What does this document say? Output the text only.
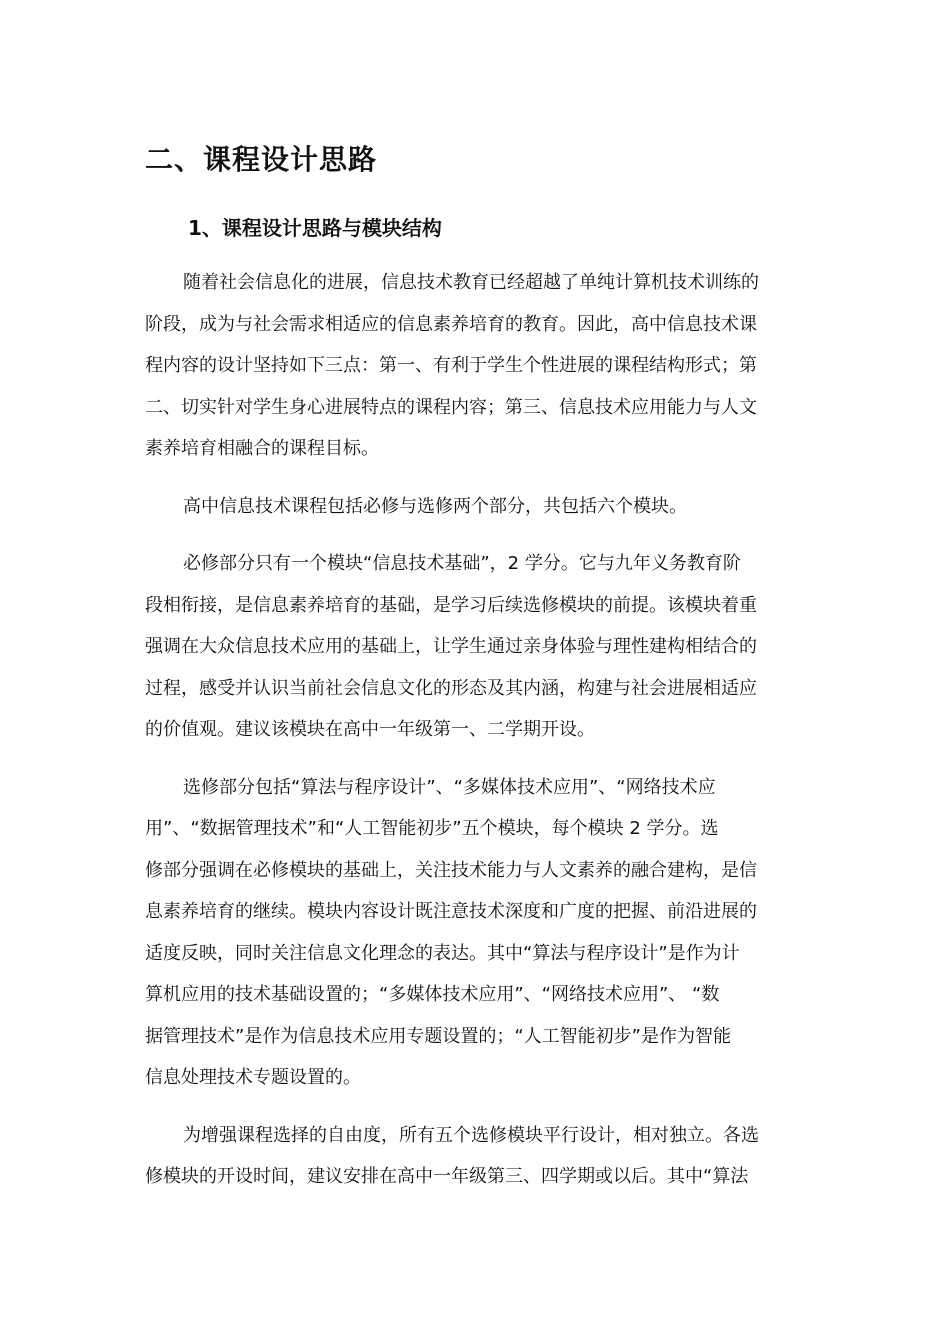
二、课程设计思路
1、课程设计思路与模块结构
随着社会信息化的进展，信息技术教育已经超越了单纯计算机技术训练的
阶段，成为与社会需求相适应的信息素养培育的教育。因此，高中信息技术课
程内容的设计坚持如下三点：第一、有利于学生个性进展的课程结构形式；第
二、切实针对学生身心进展特点的课程内容；第三、信息技术应用能力与人文
素养培育相融合的课程目标。
高中信息技术课程包括必修与选修两个部分，共包括六个模块。
必修部分只有一个模块“信息技术基础”，2 学分。它与九年义务教育阶
段相衔接，是信息素养培育的基础，是学习后续选修模块的前提。该模块着重
强调在大众信息技术应用的基础上，让学生通过亲身体验与理性建构相结合的
过程，感受并认识当前社会信息文化的形态及其内涵，构建与社会进展相适应
的价值观。建议该模块在高中一年级第一、二学期开设。
选修部分包括“算法与程序设计”、“多媒体技术应用”、“网络技术应
用”、“数据管理技术”和“人工智能初步”五个模块，每个模块 2 学分。选
修部分强调在必修模块的基础上，关注技术能力与人文素养的融合建构，是信
息素养培育的继续。模块内容设计既注意技术深度和广度的把握、前沿进展的
适度反映，同时关注信息文化理念的表达。其中“算法与程序设计”是作为计
算机应用的技术基础设置的；“多媒体技术应用”、“网络技术应用”、 “数
据管理技术”是作为信息技术应用专题设置的；“人工智能初步”是作为智能
信息处理技术专题设置的。
为增强课程选择的自由度，所有五个选修模块平行设计，相对独立。各选
修模块的开设时间，建议安排在高中一年级第三、四学期或以后。其中“算法
